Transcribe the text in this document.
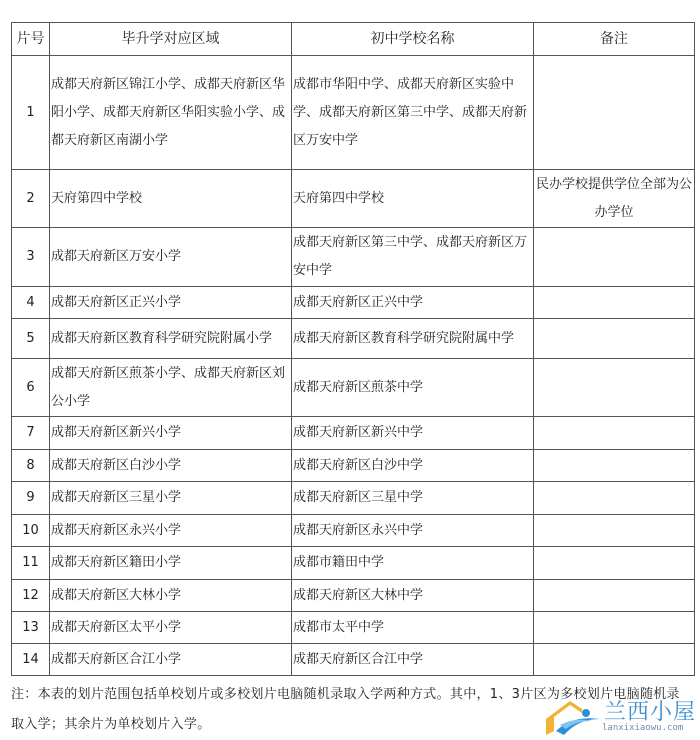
片号	毕升学对应区域	初中学校名称	备注
1	成都天府新区锦江小学、成都天府新区华阳小学、成都天府新区华阳实验小学、成都天府新区南湖小学	成都市华阳中学、成都天府新区实验中学、成都天府新区第三中学、成都天府新区万安中学	
2	天府第四中学校	天府第四中学校	民办学校提供学位全部为公办学位
3	成都天府新区万安小学	成都天府新区第三中学、成都天府新区万安中学	
4	成都天府新区正兴小学	成都天府新区正兴中学	
5	成都天府新区教育科学研究院附属小学	成都天府新区教育科学研究院附属中学	
6	成都天府新区煎茶小学、成都天府新区刘公小学	成都天府新区煎茶中学	
7	成都天府新区新兴小学	成都天府新区新兴中学	
8	成都天府新区白沙小学	成都天府新区白沙中学	
9	成都天府新区三星小学	成都天府新区三星中学	
10	成都天府新区永兴小学	成都天府新区永兴中学	
11	成都天府新区籍田小学	成都市籍田中学	
12	成都天府新区大林小学	成都天府新区大林中学	
13	成都天府新区太平小学	成都市太平中学	
14	成都天府新区合江小学	成都天府新区合江中学	
注：本表的划片范围包括单校划片或多校划片电脑随机录取入学两种方式。其中，1、3片区为多校划片电脑随机录取入学；其余片为单校划片入学。	兰西小屋
lanxixiaowu.com
